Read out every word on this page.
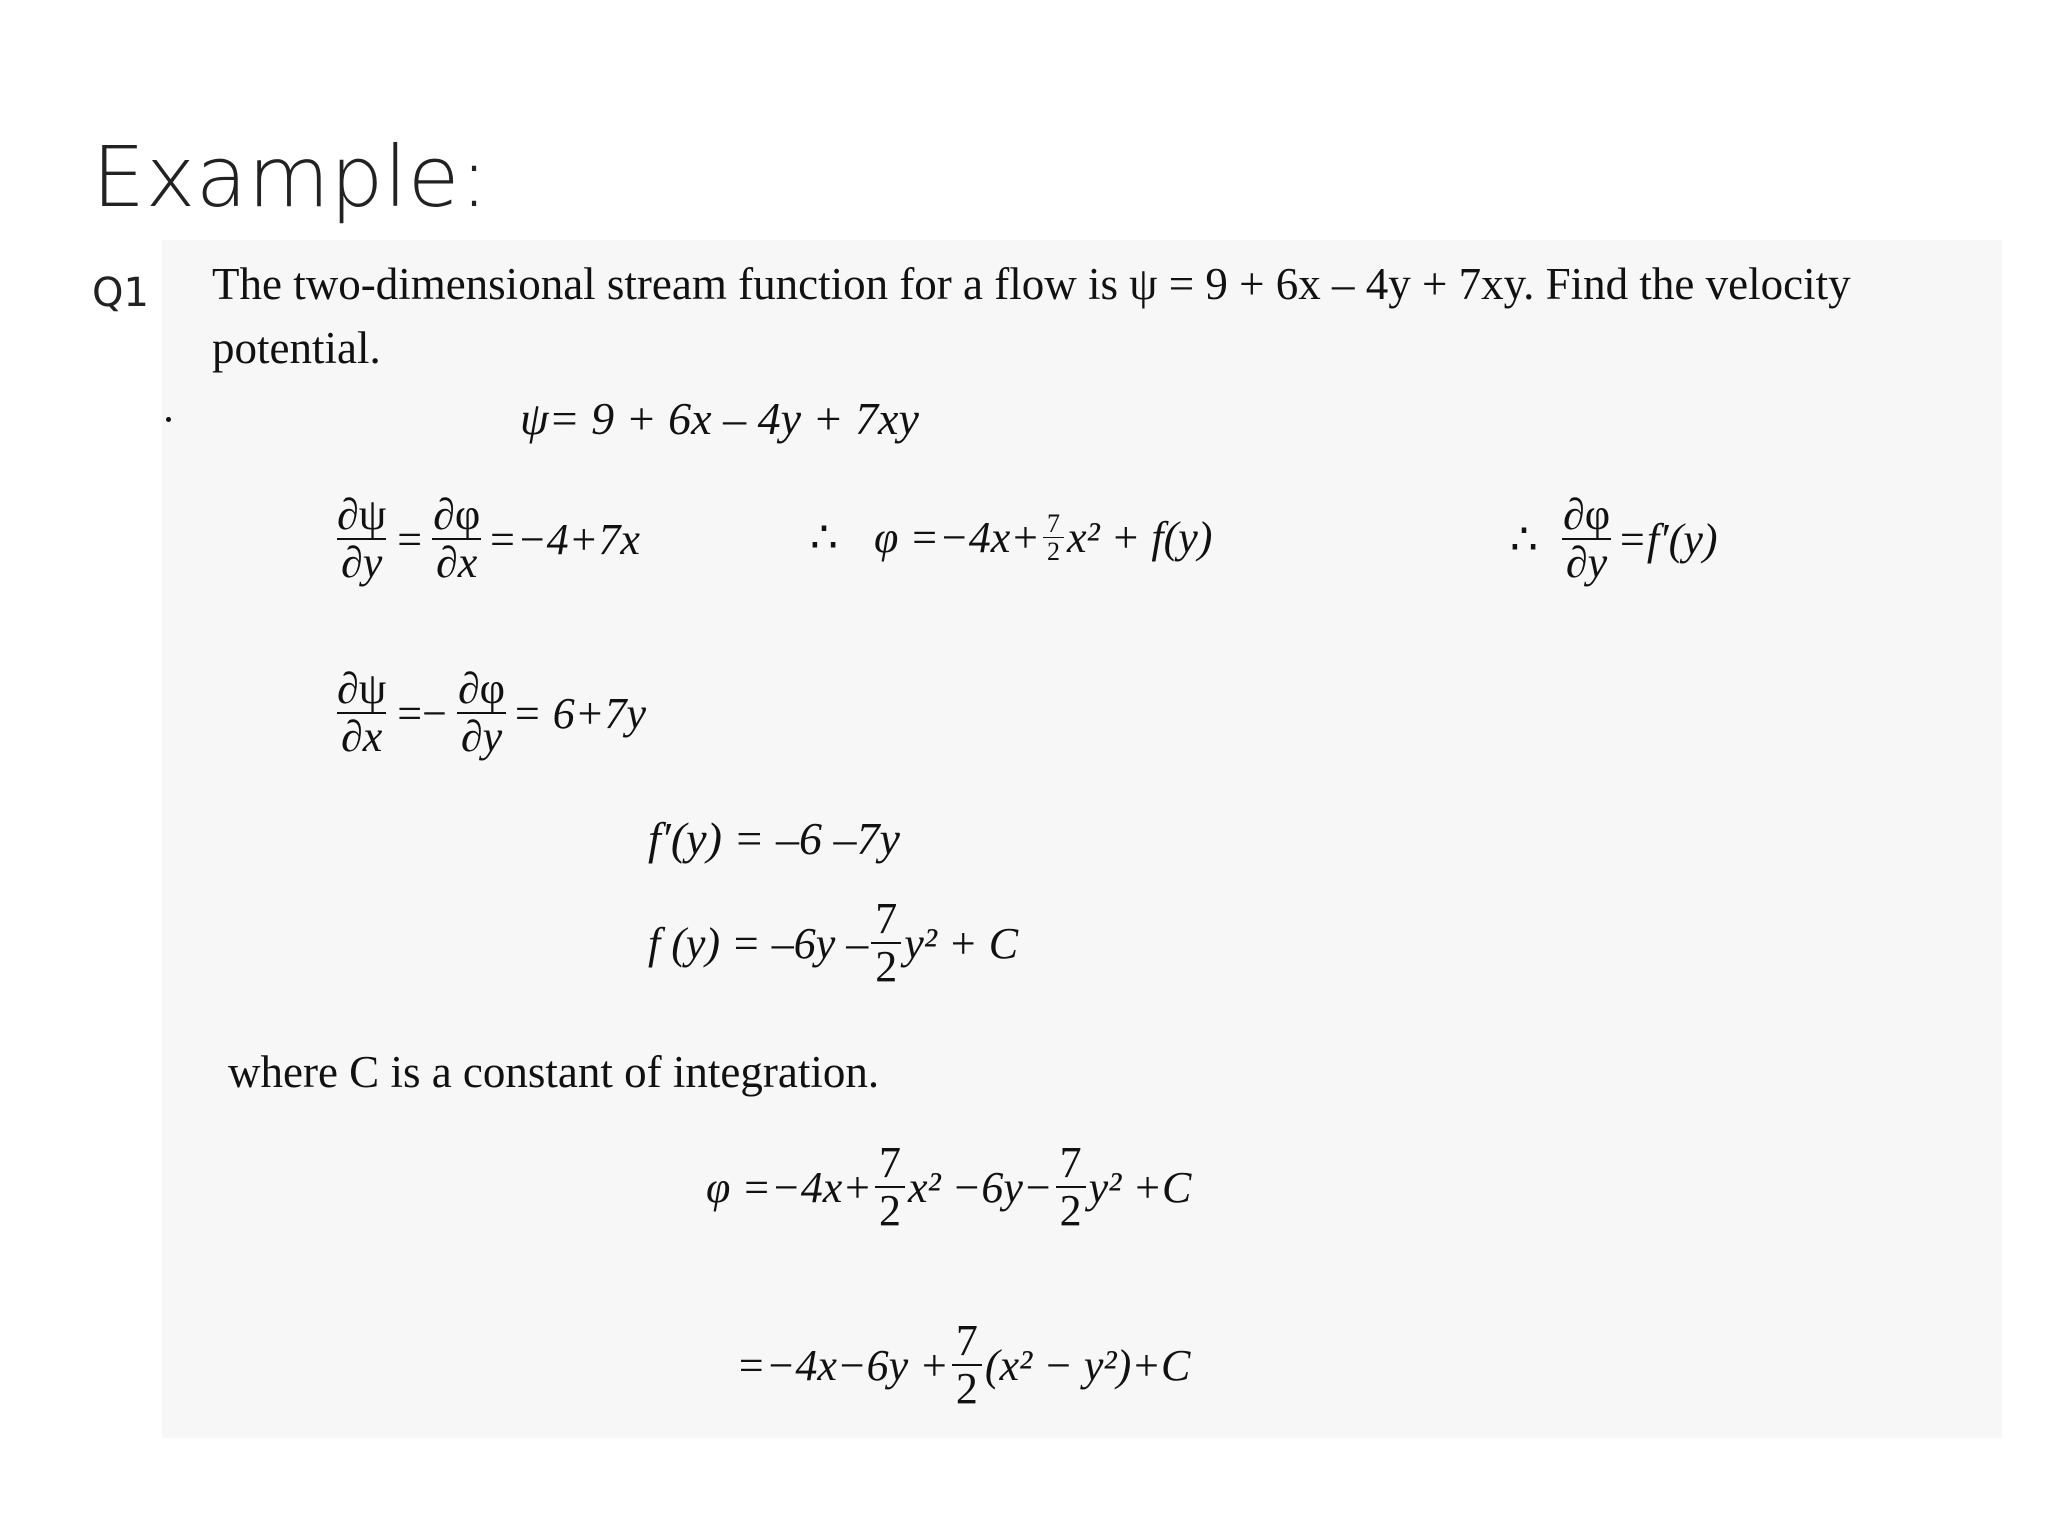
Example:
Q1 The two-dimensional stream function for a flow is ψ = 9 + 6x – 4y + 7xy. Find the velocity
potential.
ψ= 9 + 6x – 4y + 7xy
$\frac{\partial\psi}{\partial y} = \frac{\partial\varphi}{\partial x} =-4+7x$	∴ $\varphi =-4x+ \frac{7}{2} x^2 + f(y)$	∴ $\frac{\partial\varphi}{\partial y} =f'(y)$
$\frac{\partial\psi}{\partial x} =- \frac{\partial\varphi}{\partial y} = 6+7y$
f′(y) = –6 –7y
f $(y) = -6y - \frac{7}{2} y^2 + C$
where C is a constant of integration.
$\varphi =-4x+ \frac{7}{2} x^2 -6y- \frac{7}{2} y^2 +C$
$=-4x-6y + \frac{7}{2} (x^2 - y^2)+C$
